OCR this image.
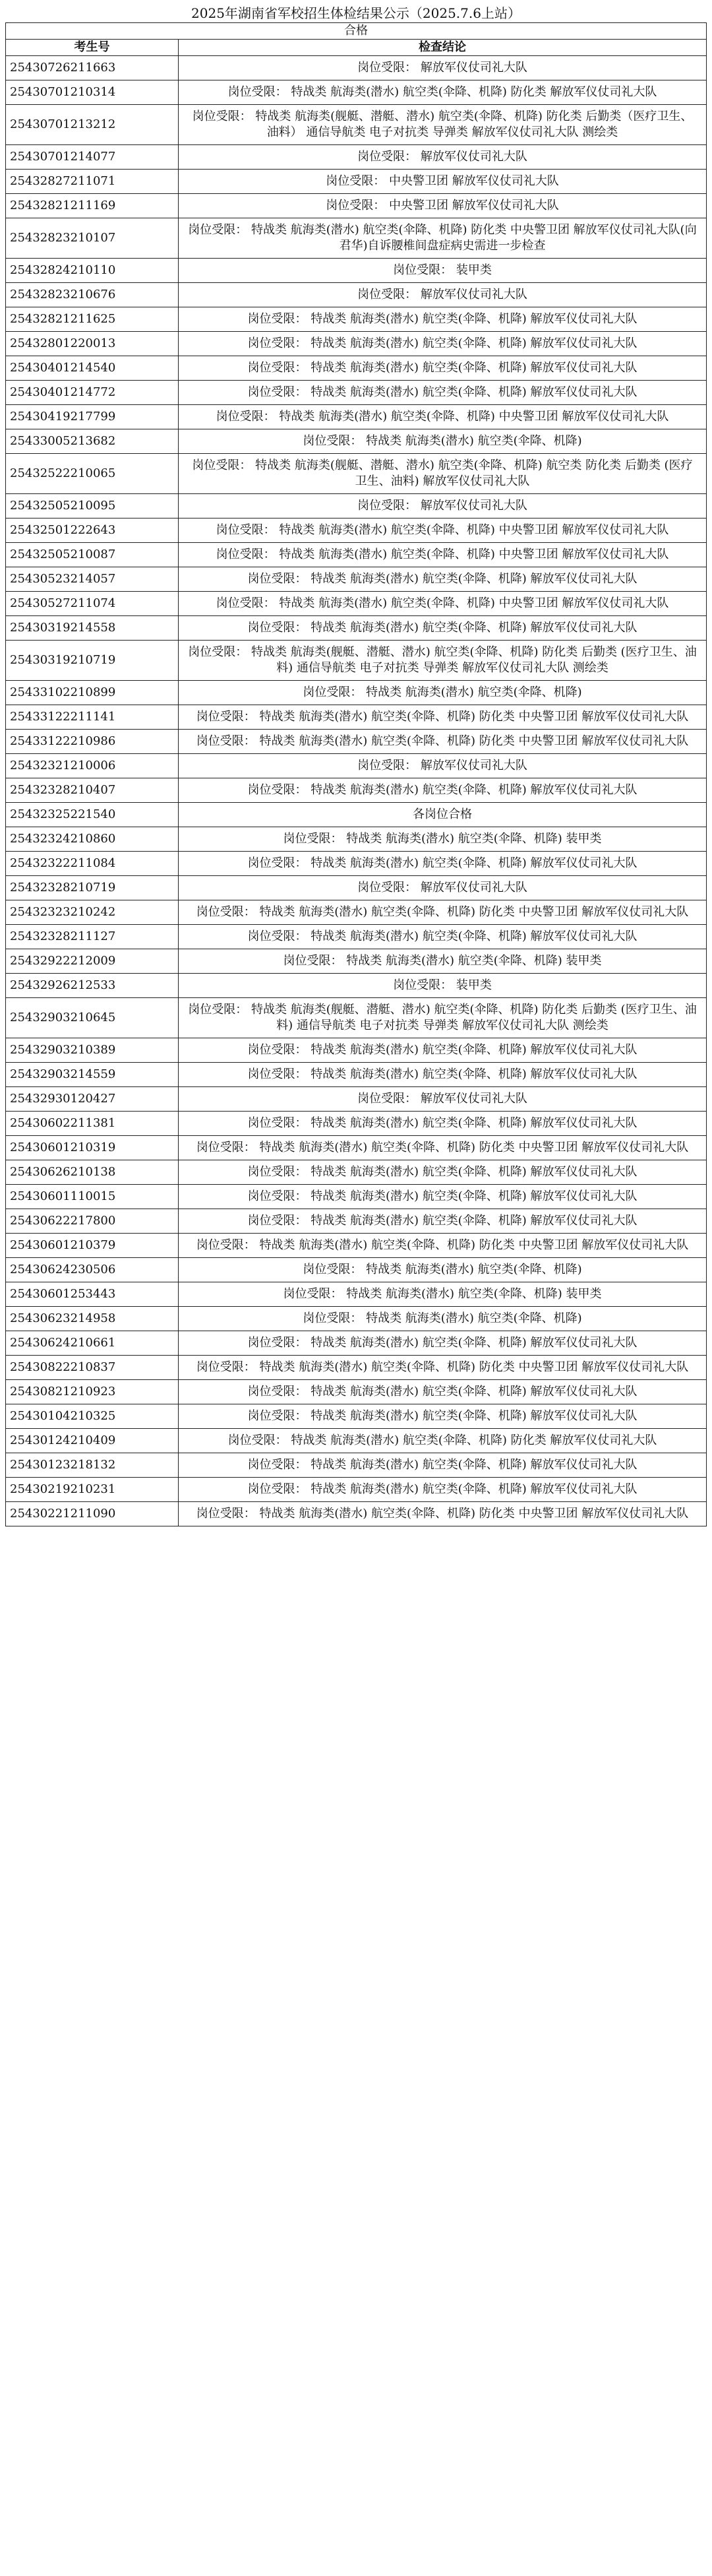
2025年湖南省军校招生体检结果公示（2025.7.6上站）	
合格	
考生号	检查结论
25430726211663	岗位受限： 解放军仪仗司礼大队
25430701210314	岗位受限： 特战类 航海类(潜水) 航空类(伞降、机降) 防化类 解放军仪仗司礼大队
25430701213212	岗位受限： 特战类 航海类(舰艇、潜艇、潜水) 航空类(伞降、机降) 防化类 后勤类（医疗卫生、油料） 通信导航类 电子对抗类 导弹类 解放军仪仗司礼大队 测绘类
25430701214077	岗位受限： 解放军仪仗司礼大队
25432827211071	岗位受限： 中央警卫团 解放军仪仗司礼大队
25432821211169	岗位受限： 中央警卫团 解放军仪仗司礼大队
25432823210107	岗位受限： 特战类 航海类(潜水) 航空类(伞降、机降) 防化类 中央警卫团 解放军仪仗司礼大队(向君华)自诉腰椎间盘症病史需进一步检查
25432824210110	岗位受限： 装甲类
25432823210676	岗位受限： 解放军仪仗司礼大队
25432821211625	岗位受限： 特战类 航海类(潜水) 航空类(伞降、机降) 解放军仪仗司礼大队
25432801220013	岗位受限： 特战类 航海类(潜水) 航空类(伞降、机降) 解放军仪仗司礼大队
25430401214540	岗位受限： 特战类 航海类(潜水) 航空类(伞降、机降) 解放军仪仗司礼大队
25430401214772	岗位受限： 特战类 航海类(潜水) 航空类(伞降、机降) 解放军仪仗司礼大队
25430419217799	岗位受限： 特战类 航海类(潜水) 航空类(伞降、机降) 中央警卫团 解放军仪仗司礼大队
25433005213682	岗位受限： 特战类 航海类(潜水) 航空类(伞降、机降)
25432522210065	岗位受限： 特战类 航海类(舰艇、潜艇、潜水) 航空类(伞降、机降) 航空类 防化类 后勤类 (医疗卫生、油料) 解放军仪仗司礼大队
25432505210095	岗位受限： 解放军仪仗司礼大队
25432501222643	岗位受限： 特战类 航海类(潜水) 航空类(伞降、机降) 中央警卫团 解放军仪仗司礼大队
25432505210087	岗位受限： 特战类 航海类(潜水) 航空类(伞降、机降) 中央警卫团 解放军仪仗司礼大队
25430523214057	岗位受限： 特战类 航海类(潜水) 航空类(伞降、机降) 解放军仪仗司礼大队
25430527211074	岗位受限： 特战类 航海类(潜水) 航空类(伞降、机降) 中央警卫团 解放军仪仗司礼大队
25430319214558	岗位受限： 特战类 航海类(潜水) 航空类(伞降、机降) 解放军仪仗司礼大队
25430319210719	岗位受限： 特战类 航海类(舰艇、潜艇、潜水) 航空类(伞降、机降) 防化类 后勤类 (医疗卫生、油料) 通信导航类 电子对抗类 导弹类 解放军仪仗司礼大队 测绘类
25433102210899	岗位受限： 特战类 航海类(潜水) 航空类(伞降、机降)
25433122211141	岗位受限： 特战类 航海类(潜水) 航空类(伞降、机降) 防化类 中央警卫团 解放军仪仗司礼大队
25433122210986	岗位受限： 特战类 航海类(潜水) 航空类(伞降、机降) 防化类 中央警卫团 解放军仪仗司礼大队
25432321210006	岗位受限： 解放军仪仗司礼大队
25432328210407	岗位受限： 特战类 航海类(潜水) 航空类(伞降、机降) 解放军仪仗司礼大队
25432325221540	各岗位合格
25432324210860	岗位受限： 特战类 航海类(潜水) 航空类(伞降、机降) 装甲类
25432322211084	岗位受限： 特战类 航海类(潜水) 航空类(伞降、机降) 解放军仪仗司礼大队
25432328210719	岗位受限： 解放军仪仗司礼大队
25432323210242	岗位受限： 特战类 航海类(潜水) 航空类(伞降、机降) 防化类 中央警卫团 解放军仪仗司礼大队
25432328211127	岗位受限： 特战类 航海类(潜水) 航空类(伞降、机降) 解放军仪仗司礼大队
25432922212009	岗位受限： 特战类 航海类(潜水) 航空类(伞降、机降) 装甲类
25432926212533	岗位受限： 装甲类
25432903210645	岗位受限： 特战类 航海类(舰艇、潜艇、潜水) 航空类(伞降、机降) 防化类 后勤类 (医疗卫生、油料) 通信导航类 电子对抗类 导弹类 解放军仪仗司礼大队 测绘类
25432903210389	岗位受限： 特战类 航海类(潜水) 航空类(伞降、机降) 解放军仪仗司礼大队
25432903214559	岗位受限： 特战类 航海类(潜水) 航空类(伞降、机降) 解放军仪仗司礼大队
25432930120427	岗位受限： 解放军仪仗司礼大队
25430602211381	岗位受限： 特战类 航海类(潜水) 航空类(伞降、机降) 解放军仪仗司礼大队
25430601210319	岗位受限： 特战类 航海类(潜水) 航空类(伞降、机降) 防化类 中央警卫团 解放军仪仗司礼大队
25430626210138	岗位受限： 特战类 航海类(潜水) 航空类(伞降、机降) 解放军仪仗司礼大队
25430601110015	岗位受限： 特战类 航海类(潜水) 航空类(伞降、机降) 解放军仪仗司礼大队
25430622217800	岗位受限： 特战类 航海类(潜水) 航空类(伞降、机降) 解放军仪仗司礼大队
25430601210379	岗位受限： 特战类 航海类(潜水) 航空类(伞降、机降) 防化类 中央警卫团 解放军仪仗司礼大队
25430624230506	岗位受限： 特战类 航海类(潜水) 航空类(伞降、机降)
25430601253443	岗位受限： 特战类 航海类(潜水) 航空类(伞降、机降) 装甲类
25430623214958	岗位受限： 特战类 航海类(潜水) 航空类(伞降、机降)
25430624210661	岗位受限： 特战类 航海类(潜水) 航空类(伞降、机降) 解放军仪仗司礼大队
25430822210837	岗位受限： 特战类 航海类(潜水) 航空类(伞降、机降) 防化类 中央警卫团 解放军仪仗司礼大队
25430821210923	岗位受限： 特战类 航海类(潜水) 航空类(伞降、机降) 解放军仪仗司礼大队
25430104210325	岗位受限： 特战类 航海类(潜水) 航空类(伞降、机降) 解放军仪仗司礼大队
25430124210409	岗位受限： 特战类 航海类(潜水) 航空类(伞降、机降) 防化类 解放军仪仗司礼大队
25430123218132	岗位受限： 特战类 航海类(潜水) 航空类(伞降、机降) 解放军仪仗司礼大队
25430219210231	岗位受限： 特战类 航海类(潜水) 航空类(伞降、机降) 解放军仪仗司礼大队
25430221211090	岗位受限： 特战类 航海类(潜水) 航空类(伞降、机降) 防化类 中央警卫团 解放军仪仗司礼大队
